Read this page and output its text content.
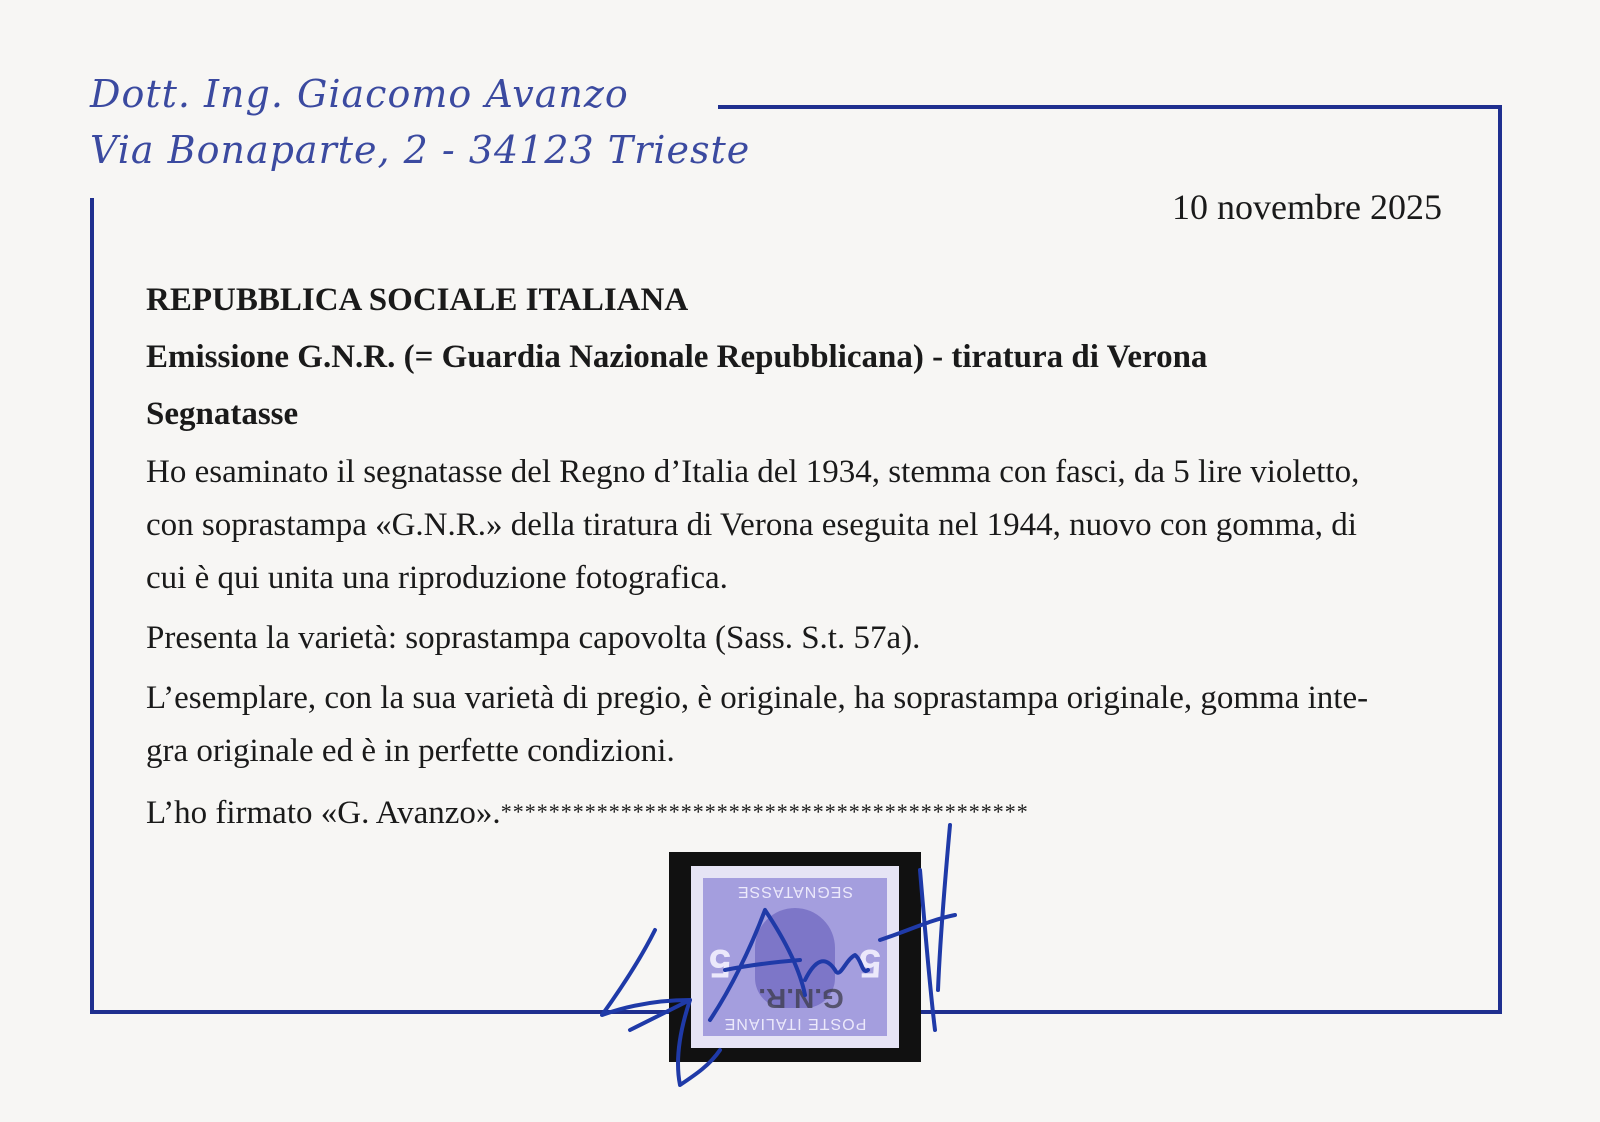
Dott. Ing. Giacomo Avanzo
Via Bonaparte, 2 - 34123 Trieste
10 novembre 2025
REPUBBLICA SOCIALE ITALIANA
Emissione G.N.R. (= Guardia Nazionale Repubblicana) - tiratura di Verona
Segnatasse
Ho esaminato il segnatasse del Regno d’Italia del 1934, stemma con fasci, da 5 lire violetto,
con soprastampa «G.N.R.» della tiratura di Verona eseguita nel 1944, nuovo con gomma, di
cui è qui unita una riproduzione fotografica.
Presenta la varietà: soprastampa capovolta (Sass. S.t. 57a).
L’esemplare, con la sua varietà di pregio, è originale, ha soprastampa originale, gomma inte-
gra originale ed è in perfette condizioni.
L’ho firmato «G. Avanzo».********************************************
SEGNATASSE
POSTE ITALIANE
5	5
G.N.R.
